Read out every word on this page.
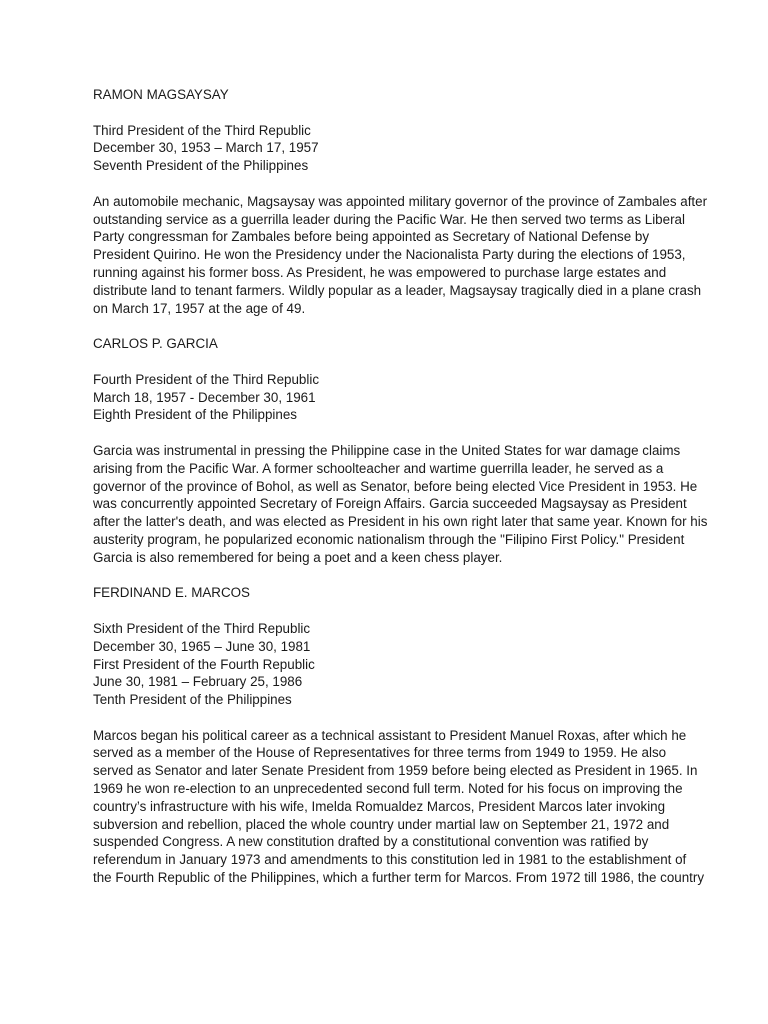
RAMON MAGSAYSAY

Third President of the Third Republic
December 30, 1953 – March 17, 1957
Seventh President of the Philippines

An automobile mechanic, Magsaysay was appointed military governor of the province of Zambales after outstanding service as a guerrilla leader during the Pacific War. He then served two terms as Liberal Party congressman for Zambales before being appointed as Secretary of National Defense by President Quirino. He won the Presidency under the Nacionalista Party during the elections of 1953, running against his former boss. As President, he was empowered to purchase large estates and distribute land to tenant farmers. Wildly popular as a leader, Magsaysay tragically died in a plane crash on March 17, 1957 at the age of 49.

CARLOS P. GARCIA

Fourth President of the Third Republic
March 18, 1957 - December 30, 1961
Eighth President of the Philippines

Garcia was instrumental in pressing the Philippine case in the United States for war damage claims arising from the Pacific War. A former schoolteacher and wartime guerrilla leader, he served as a governor of the province of Bohol, as well as Senator, before being elected Vice President in 1953. He was concurrently appointed Secretary of Foreign Affairs. Garcia succeeded Magsaysay as President after the latter's death, and was elected as President in his own right later that same year. Known for his austerity program, he popularized economic nationalism through the "Filipino First Policy." President Garcia is also remembered for being a poet and a keen chess player.

FERDINAND E. MARCOS

Sixth President of the Third Republic
December 30, 1965 – June 30, 1981
First President of the Fourth Republic
June 30, 1981 – February 25, 1986
Tenth President of the Philippines

Marcos began his political career as a technical assistant to President Manuel Roxas, after which he served as a member of the House of Representatives for three terms from 1949 to 1959. He also served as Senator and later Senate President from 1959 before being elected as President in 1965. In 1969 he won re-election to an unprecedented second full term. Noted for his focus on improving the country’s infrastructure with his wife, Imelda Romualdez Marcos, President Marcos later invoking subversion and rebellion, placed the whole country under martial law on September 21, 1972 and suspended Congress. A new constitution drafted by a constitutional convention was ratified by referendum in January 1973 and amendments to this constitution led in 1981 to the establishment of the Fourth Republic of the Philippines, which a further term for Marcos. From 1972 till 1986, the country
